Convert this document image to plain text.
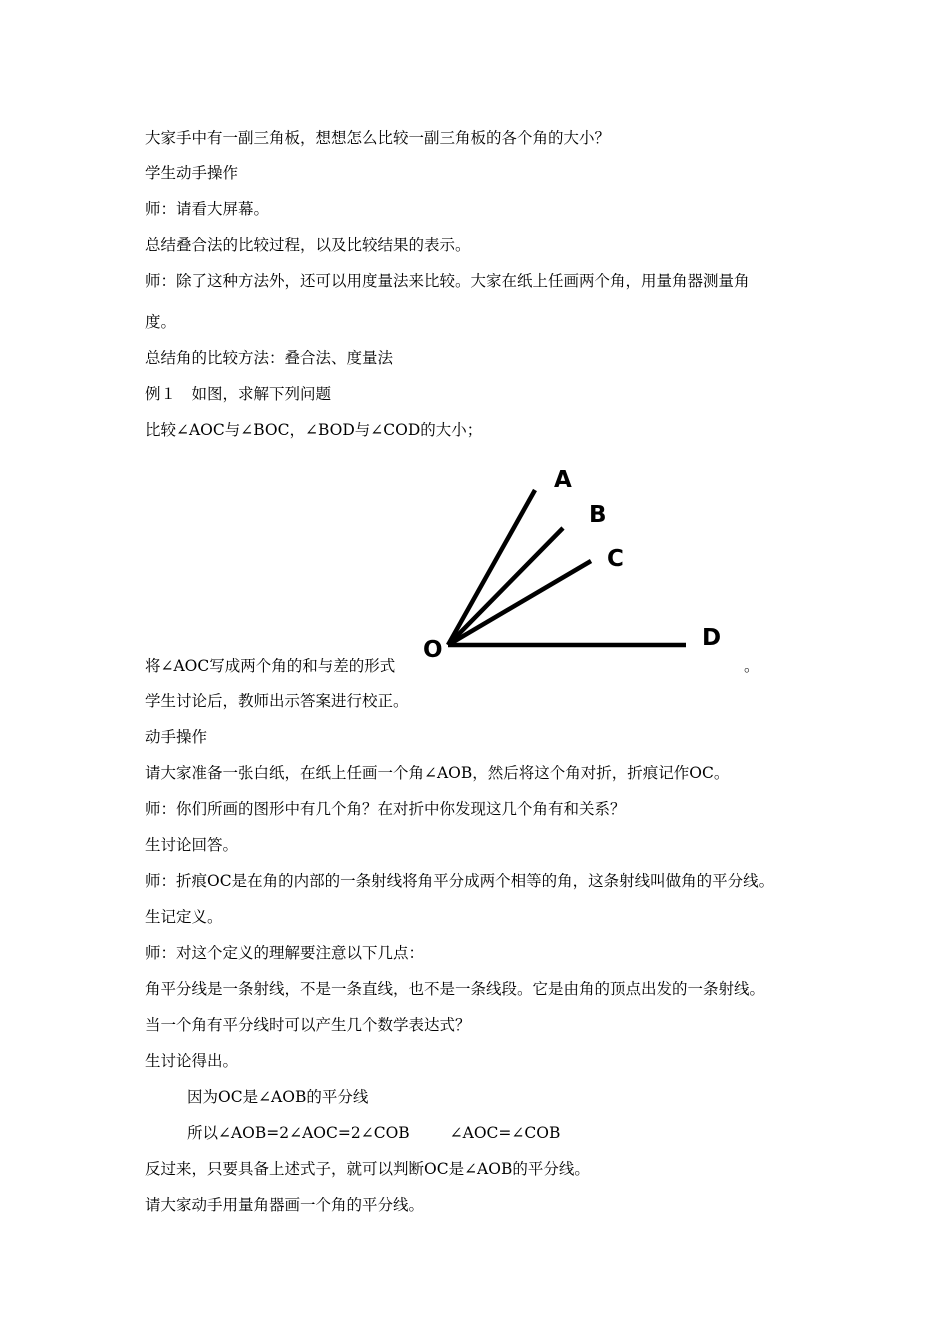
大家手中有一副三角板，想想怎么比较一副三角板的各个角的大小？
学生动手操作
师：请看大屏幕。
总结叠合法的比较过程，以及比较结果的表示。
师：除了这种方法外，还可以用度量法来比较。大家在纸上任画两个角，用量角器测量角
度。
总结角的比较方法：叠合法、度量法
例１　如图，求解下列问题
比较∠AOC与∠BOC，∠BOD与∠COD的大小；
A
B
C
D
O
将∠AOC写成两个角的和与差的形式	。
学生讨论后，教师出示答案进行校正。
动手操作
请大家准备一张白纸，在纸上任画一个角∠AOB，然后将这个角对折，折痕记作OC。
师：你们所画的图形中有几个角？在对折中你发现这几个角有和关系？
生讨论回答。
师：折痕OC是在角的内部的一条射线将角平分成两个相等的角，这条射线叫做角的平分线。
生记定义。
师：对这个定义的理解要注意以下几点：
角平分线是一条射线，不是一条直线，也不是一条线段。它是由角的顶点出发的一条射线。
当一个角有平分线时可以产生几个数学表达式？
生讨论得出。
因为OC是∠AOB的平分线
所以∠AOB=2∠AOC=2∠COB	∠AOC=∠COB
反过来，只要具备上述式子，就可以判断OC是∠AOB的平分线。
请大家动手用量角器画一个角的平分线。
